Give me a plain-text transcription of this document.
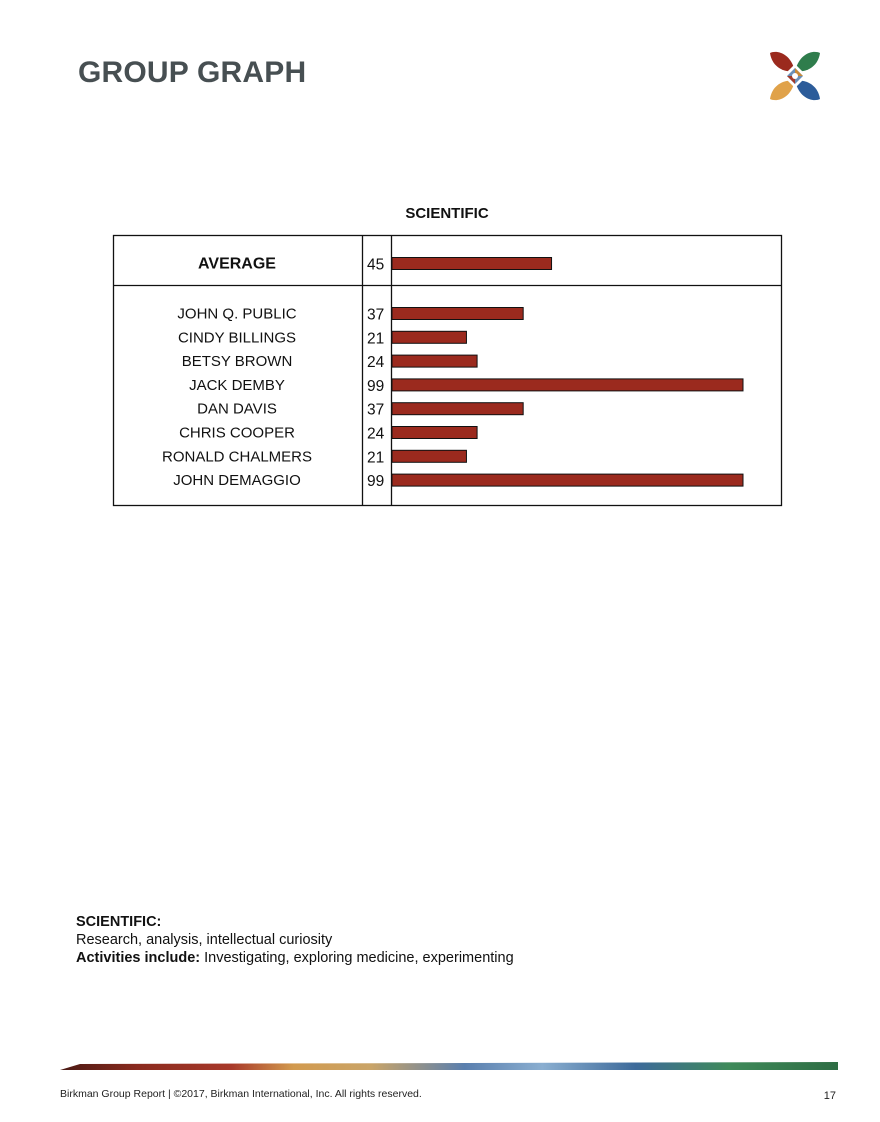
GROUP GRAPH
SCIENTIFIC
AVERAGE	45
JOHN Q. PUBLIC	37
CINDY BILLINGS	21
BETSY BROWN	24
JACK DEMBY	99
DAN DAVIS	37
CHRIS COOPER	24
RONALD CHALMERS	21
JOHN DEMAGGIO	99
SCIENTIFIC:
Research, analysis, intellectual curiosity
Activities include: Investigating, exploring medicine, experimenting
Birkman Group Report | ©2017, Birkman International, Inc. All rights reserved.	17
